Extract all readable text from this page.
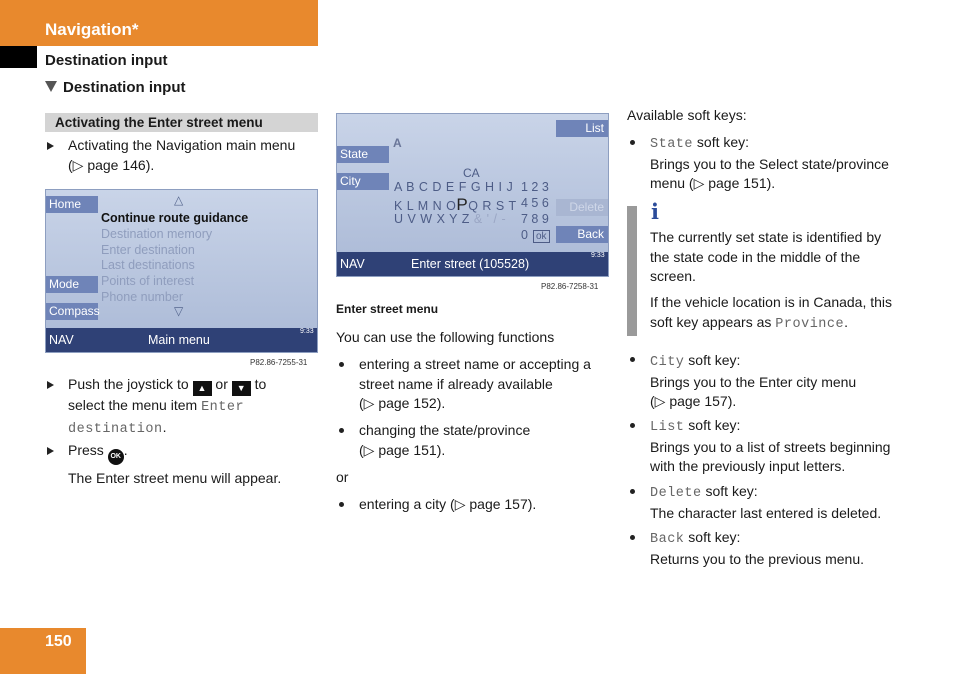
Navigation*
Destination input
Destination input
Activating the Enter street menu
Activating the Navigation main menu (▷ page 146).
Home
Mode
Compass
△
Continue route guidance
Destination memory
Enter destination
Last destinations
Points of interest
Phone number
▽
NAV	Main menu
9:33
P82.86-7255-31
Push the joystick to ▲ or ▼ to
select the menu item Enter
destination.
Press OK .
The Enter street menu will appear.
State
City
List
Delete
Back
A
CA
A B C D E F G H I J
K L M N OPQ R S T
U V W X Y Z & ' / -
1 2 3
4 5 6
7 8 9
0 ok
NAV	Enter street (105528)
9:33
P82.86-7258-31
Enter street menu
You can use the following functions
entering a street name or accepting a
street name if already available
(▷ page 152).
changing the state/province
(▷ page 151).
or
entering a city (▷ page 157).
Available soft keys:
State soft key:
Brings you to the Select state/province
menu (▷ page 151).
i
The currently set state is identified by
the state code in the middle of the
screen.
If the vehicle location is in Canada, this
soft key appears as Province.
City soft key:
Brings you to the Enter city menu
(▷ page 157).
List soft key:
Brings you to a list of streets beginning
with the previously input letters.
Delete soft key:
The character last entered is deleted.
Back soft key:
Returns you to the previous menu.
150
